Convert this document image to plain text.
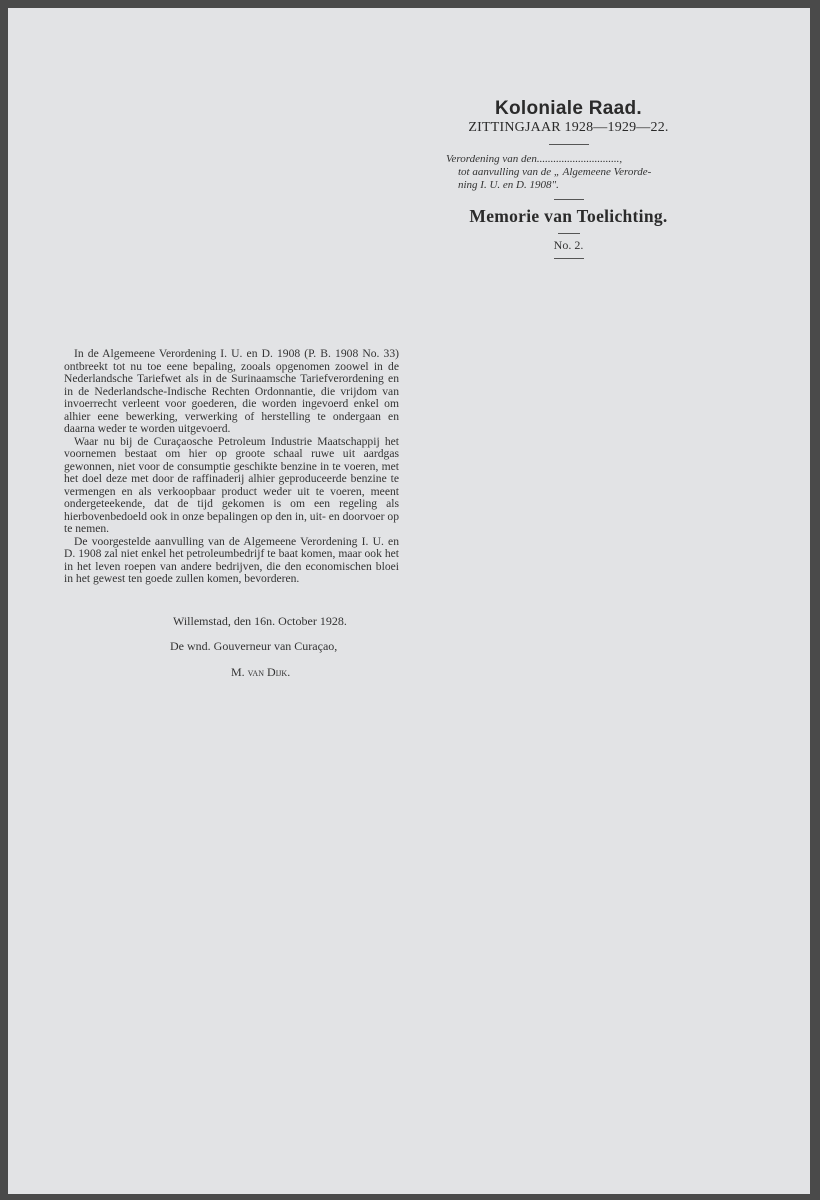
Koloniale Raad.

ZITTINGJAAR 1928—1929—22.

Verordening van den..............................,
tot aanvulling van de „ Algemeene Verorde-
ning I. U. en D. 1908".

Memorie van Toelichting.

No. 2.

In de Algemeene Verordening I. U. en D. 1908 (P. B. 1908 No. 33) ontbreekt tot nu toe eene bepaling, zooals opgenomen zoowel in de Nederlandsche Tariefwet als in de Surinaamsche Tariefverordening en in de Nederlandsche-Indische Rechten Ordonnantie, die vrijdom van invoerrecht verleent voor goederen, die worden ingevoerd enkel om alhier eene bewerking, verwerking of herstelling te ondergaan en daarna weder te worden uitgevoerd.

Waar nu bij de Curaçaosche Petroleum Industrie Maatschappij het voornemen bestaat om hier op groote schaal ruwe uit aardgas gewonnen, niet voor de consumptie geschikte benzine in te voeren, met het doel deze met door de raffinaderij alhier geproduceerde benzine te vermengen en als verkoopbaar product weder uit te voeren, meent ondergeteekende, dat de tijd gekomen is om een regeling als hierbovenbedoeld ook in onze bepalingen op den in, uit- en doorvoer op te nemen.

De voorgestelde aanvulling van de Algemeene Verordening I. U. en D. 1908 zal niet enkel het petroleumbedrijf te baat komen, maar ook het in het leven roepen van andere bedrijven, die den economischen bloei in het gewest ten goede zullen komen, bevorderen.

Willemstad, den 16n. October 1928.
De wnd. Gouverneur van Curaçao,
M. van Dijk.
